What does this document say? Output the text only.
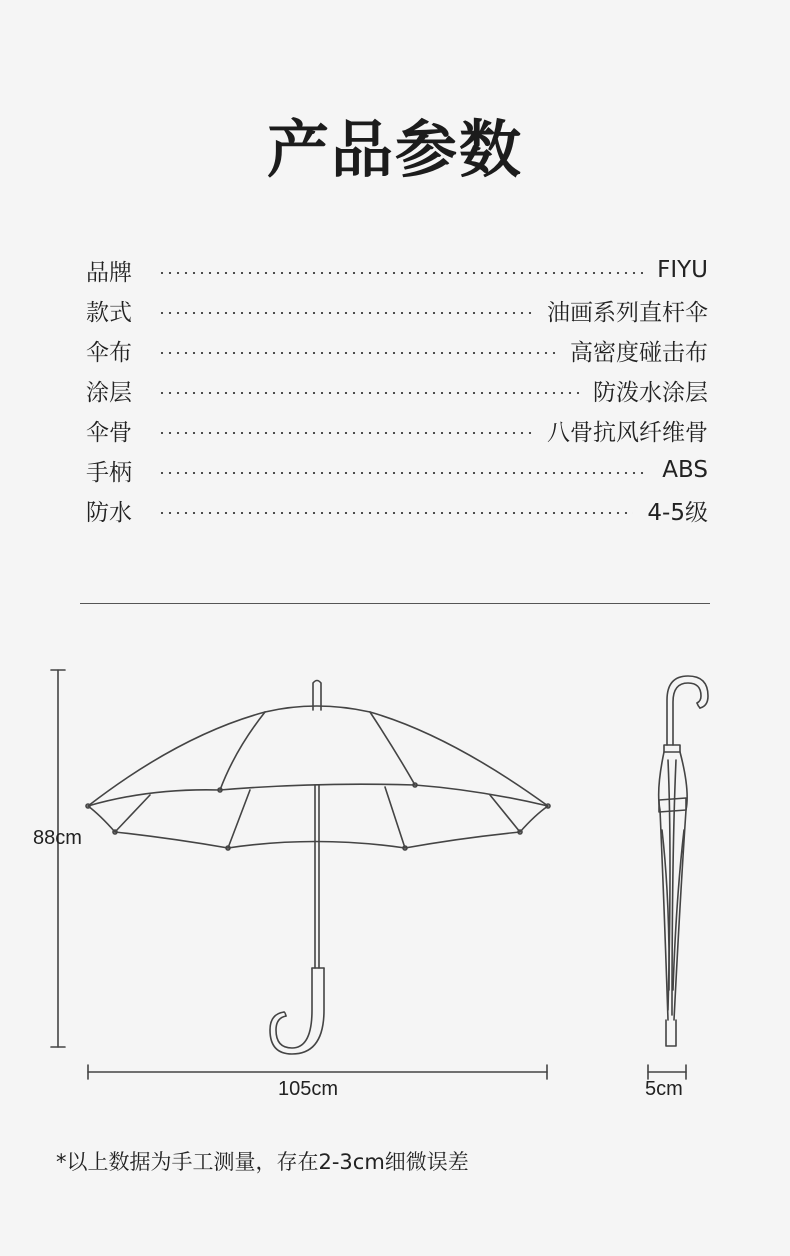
产品参数
品牌	FIYU
款式	油画系列直杆伞
伞布	高密度碰击布
涂层	防泼水涂层
伞骨	八骨抗风纤维骨
手柄	ABS
防水	4-5级
88cm
105cm	5cm
*以上数据为手工测量，存在2-3cm细微误差
